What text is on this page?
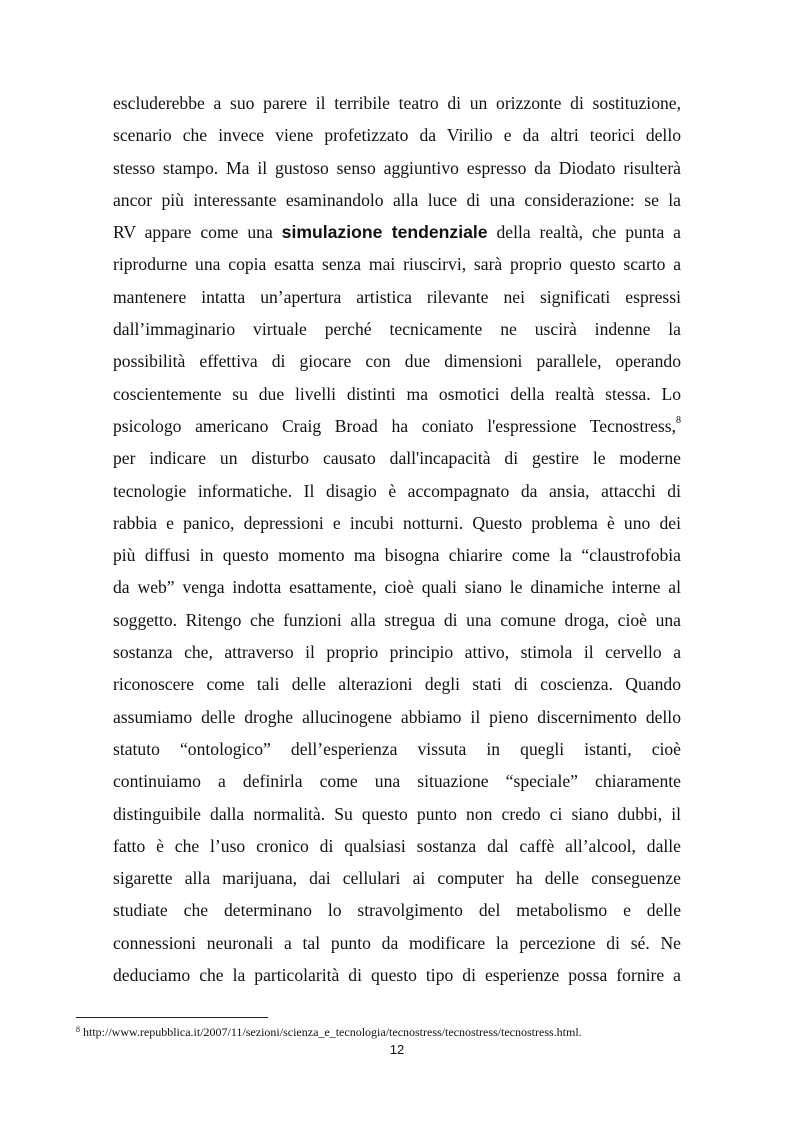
escluderebbe a suo parere il terribile teatro di un orizzonte di sostituzione,
scenario che invece viene profetizzato da Virilio e da altri teorici dello
stesso stampo. Ma il gustoso senso aggiuntivo espresso da Diodato risulterà
ancor più interessante esaminandolo alla luce di una considerazione: se la
RV appare come una simulazione tendenziale della realtà, che punta a
riprodurne una copia esatta senza mai riuscirvi, sarà proprio questo scarto a
mantenere intatta un’apertura artistica rilevante nei significati espressi
dall’immaginario virtuale perché tecnicamente ne uscirà indenne la
possibilità effettiva di giocare con due dimensioni parallele, operando
coscientemente su due livelli distinti ma osmotici della realtà stessa. Lo
psicologo americano Craig Broad ha coniato l'espressione Tecnostress,$^8$
per indicare un disturbo causato dall'incapacità di gestire le moderne
tecnologie informatiche. Il disagio è accompagnato da ansia, attacchi di
rabbia e panico, depressioni e incubi notturni. Questo problema è uno dei
più diffusi in questo momento ma bisogna chiarire come la “claustrofobia
da web” venga indotta esattamente, cioè quali siano le dinamiche interne al
soggetto. Ritengo che funzioni alla stregua di una comune droga, cioè una
sostanza che, attraverso il proprio principio attivo, stimola il cervello a
riconoscere come tali delle alterazioni degli stati di coscienza. Quando
assumiamo delle droghe allucinogene abbiamo il pieno discernimento dello
statuto “ontologico” dell’esperienza vissuta in quegli istanti, cioè
continuiamo a definirla come una situazione “speciale” chiaramente
distinguibile dalla normalità. Su questo punto non credo ci siano dubbi, il
fatto è che l’uso cronico di qualsiasi sostanza dal caffè all’alcool, dalle
sigarette alla marijuana, dai cellulari ai computer ha delle conseguenze
studiate che determinano lo stravolgimento del metabolismo e delle
connessioni neuronali a tal punto da modificare la percezione di sé. Ne
deduciamo che la particolarità di questo tipo di esperienze possa fornire a
$^8$ http://www.repubblica.it/2007/11/sezioni/scienza_e_tecnologia/tecnostress/tecnostress/tecnostress.html.
12
